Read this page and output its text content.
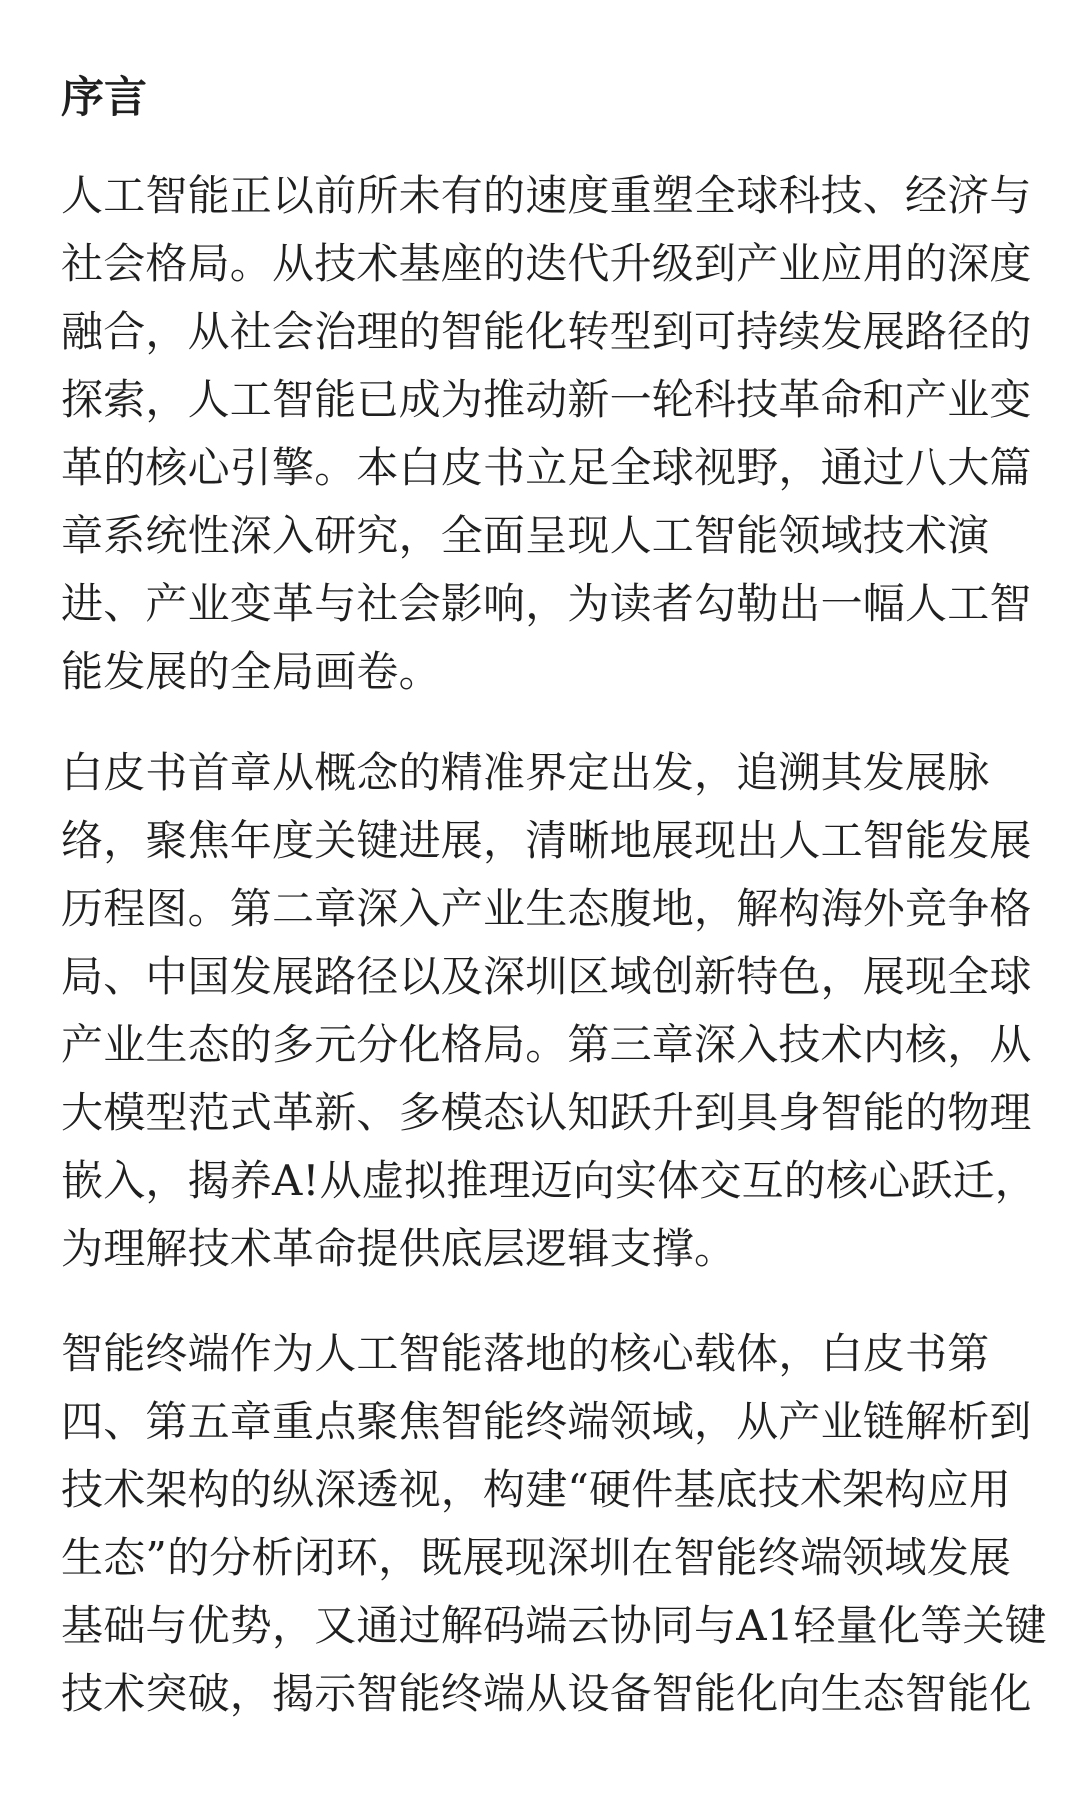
序言
人工智能正以前所未有的速度重塑全球科技、经济与
社会格局。从技术基座的迭代升级到产业应用的深度
融合，从社会治理的智能化转型到可持续发展路径的
探索，人工智能已成为推动新一轮科技革命和产业变
革的核心引擎。本白皮书立足全球视野，通过八大篇
章系统性深入研究，全面呈现人工智能领域技术演
进、产业变革与社会影响，为读者勾勒出一幅人工智
能发展的全局画卷。
白皮书首章从概念的精准界定出发，追溯其发展脉
络，聚焦年度关键进展，清晰地展现出人工智能发展
历程图。第二章深入产业生态腹地，解构海外竞争格
局、中国发展路径以及深圳区域创新特色，展现全球
产业生态的多元分化格局。第三章深入技术内核，从
大模型范式革新、多模态认知跃升到具身智能的物理
嵌入，揭养A!从虚拟推理迈向实体交互的核心跃迁，
为理解技术革命提供底层逻辑支撑。
智能终端作为人工智能落地的核心载体，白皮书第
四、第五章重点聚焦智能终端领域，从产业链解析到
技术架构的纵深透视，构建“硬件基底技术架构应用
生态”的分析闭环，既展现深圳在智能终端领域发展
基础与优势，又通过解码端云协同与A1轻量化等关键
技术突破，揭示智能终端从设备智能化向生态智能化
